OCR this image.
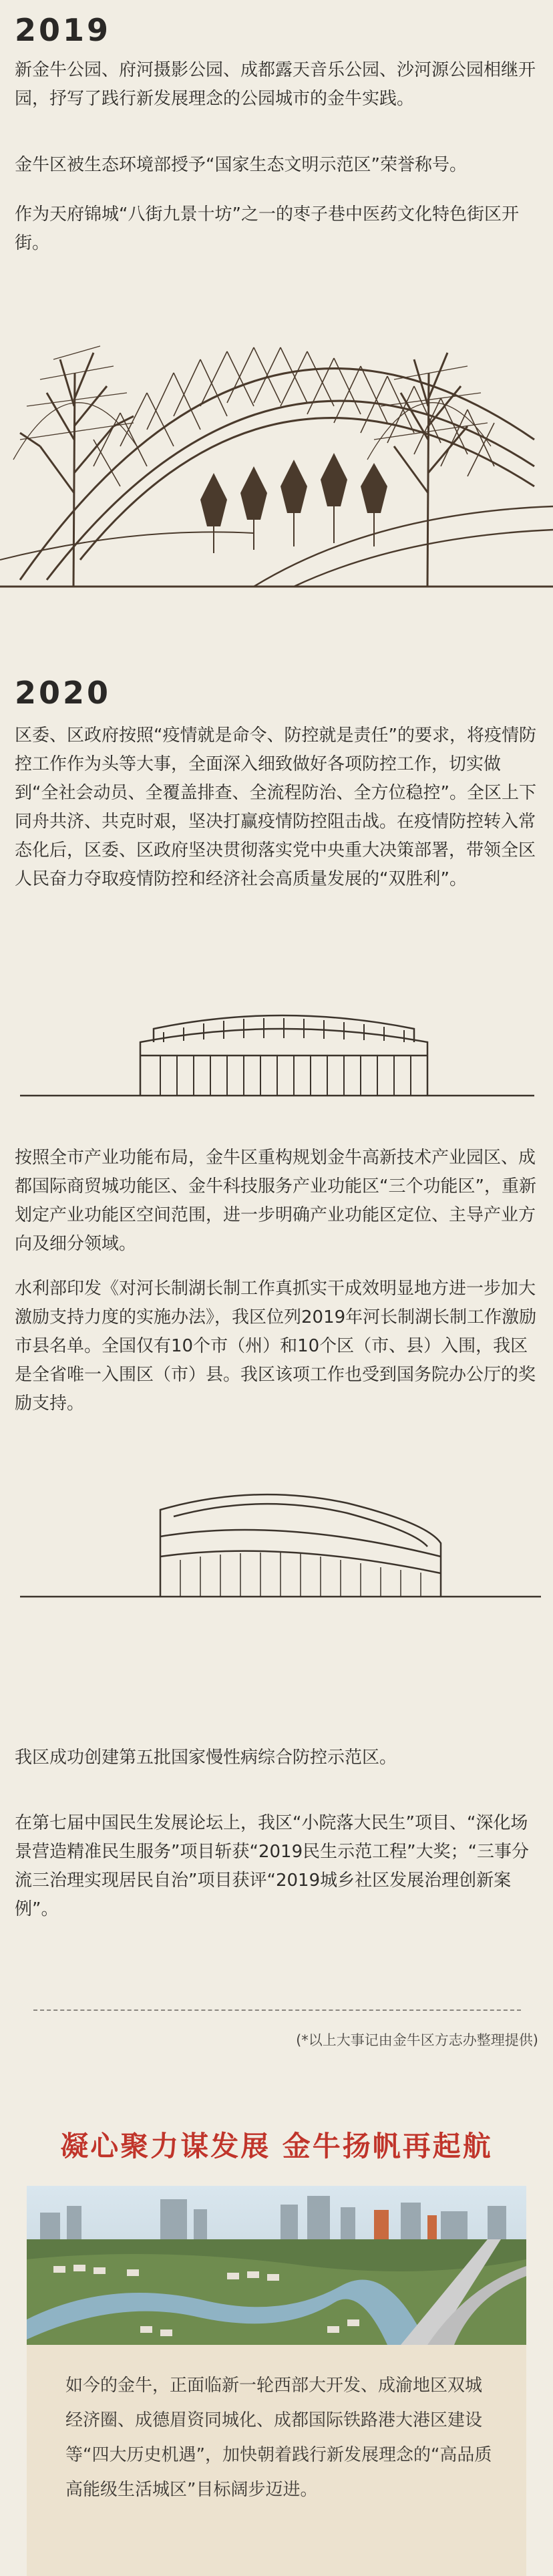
2019

新金牛公园、府河摄影公园、成都露天音乐公园、沙河源公园相继开园，抒写了践行新发展理念的公园城市的金牛实践。

金牛区被生态环境部授予“国家生态文明示范区”荣誉称号。

作为天府锦城“八街九景十坊”之一的枣子巷中医药文化特色街区开街。

2020

区委、区政府按照“疫情就是命令、防控就是责任”的要求，将疫情防控工作作为头等大事，全面深入细致做好各项防控工作，切实做到“全社会动员、全覆盖排查、全流程防治、全方位稳控”。全区上下同舟共济、共克时艰，坚决打赢疫情防控阻击战。在疫情防控转入常态化后，区委、区政府坚决贯彻落实党中央重大决策部署，带领全区人民奋力夺取疫情防控和经济社会高质量发展的“双胜利”。

按照全市产业功能布局，金牛区重构规划金牛高新技术产业园区、成都国际商贸城功能区、金牛科技服务产业功能区“三个功能区”，重新划定产业功能区空间范围，进一步明确产业功能区定位、主导产业方向及细分领域。

水利部印发《对河长制湖长制工作真抓实干成效明显地方进一步加大激励支持力度的实施办法》，我区位列2019年河长制湖长制工作激励市县名单。全国仅有10个市（州）和10个区（市、县）入围，我区是全省唯一入围区（市）县。我区该项工作也受到国务院办公厅的奖励支持。

我区成功创建第五批国家慢性病综合防控示范区。

在第七届中国民生发展论坛上，我区“小院落大民生”项目、“深化场景营造精准民生服务”项目斩获“2019民生示范工程”大奖；“三事分流三治理实现居民自治”项目获评“2019城乡社区发展治理创新案例”。

(*以上大事记由金牛区方志办整理提供)
凝心聚力谋发展 金牛扬帆再起航

如今的金牛，正面临新一轮西部大开发、成渝地区双城经济圈、成德眉资同城化、成都国际铁路港大港区建设等“四大历史机遇”，加快朝着践行新发展理念的“高品质高能级生活城区”目标阔步迈进。
